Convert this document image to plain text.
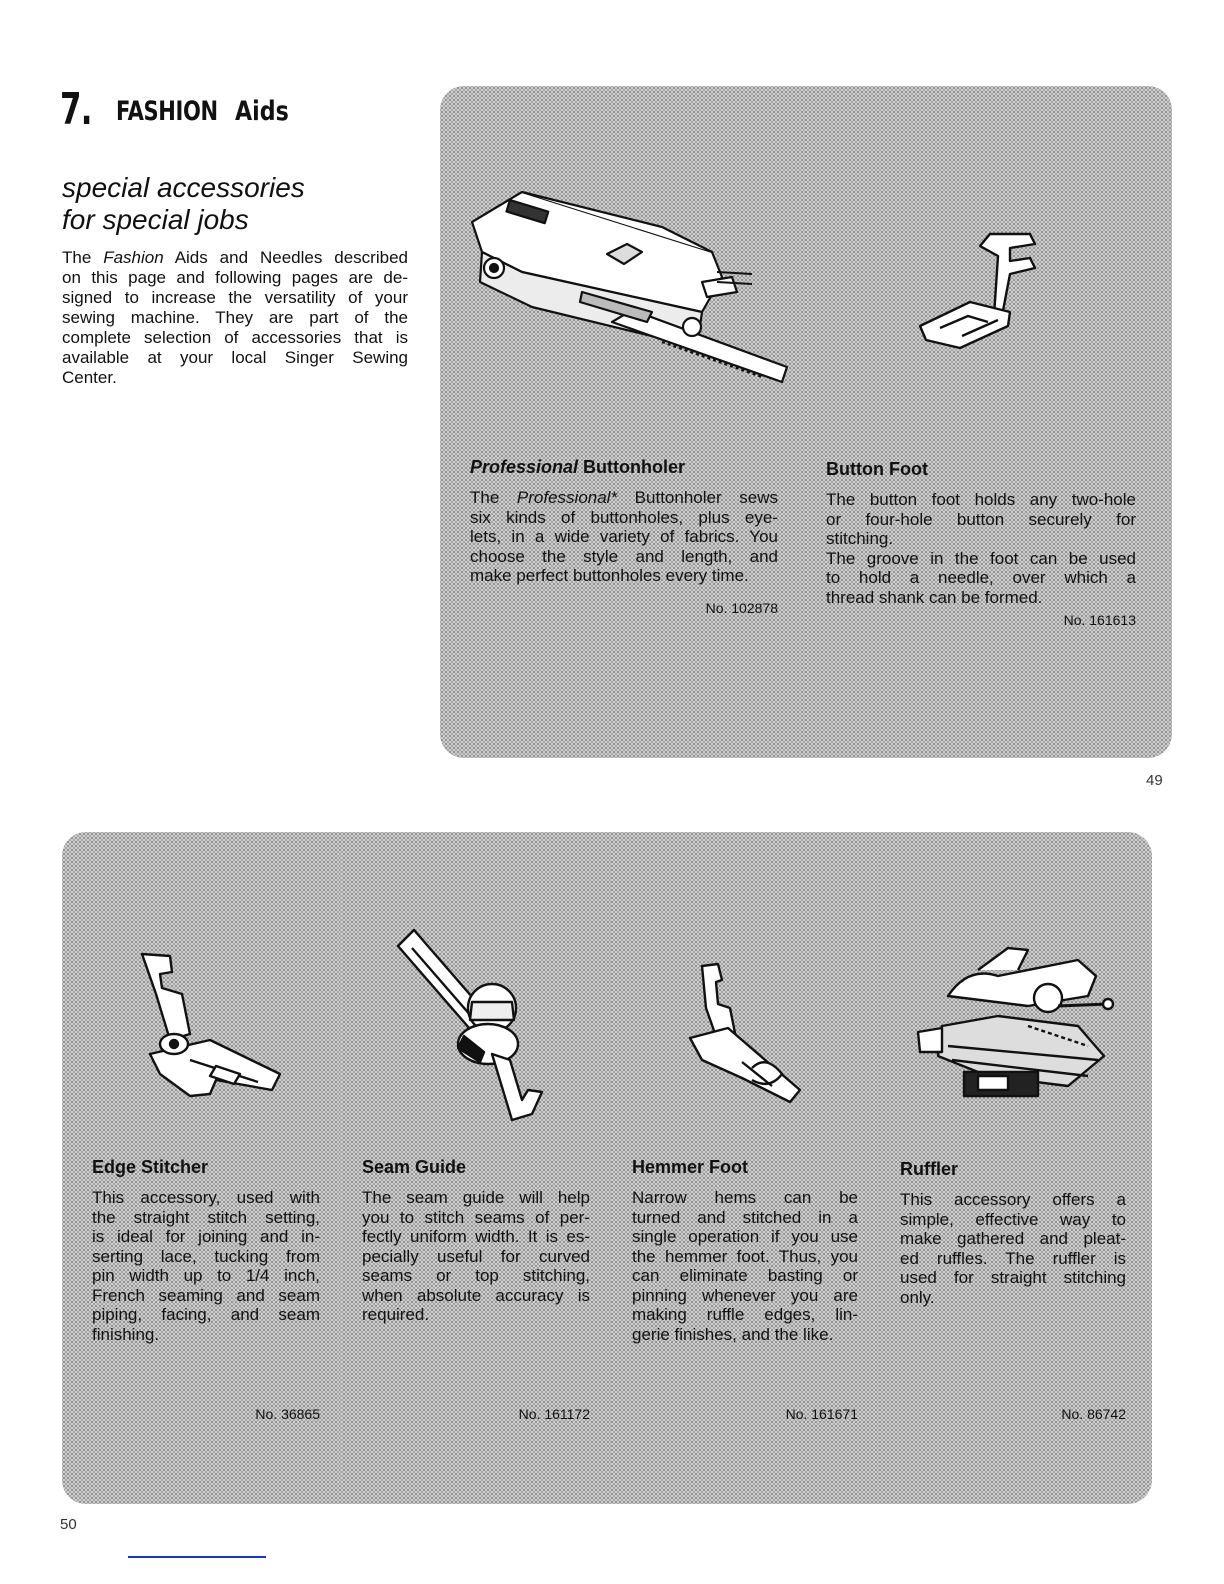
7. FASHION Aids
special accessories
for special jobs

The Fashion Aids and Needles described
on this page and following pages are de-
signed to increase the versatility of your
sewing machine. They are part of the
complete selection of accessories that is
available at your local Singer Sewing
Center.

Professional Buttonholer

The Professional* Buttonholer sews
six kinds of buttonholes, plus eye-
lets, in a wide variety of fabrics. You
choose the style and length, and
make perfect buttonholes every time.

No. 102878
Button Foot

The button foot holds any two-hole
or four-hole button securely for
stitching.
The groove in the foot can be used
to hold a needle, over which a
thread shank can be formed.

No. 161613
49
Edge Stitcher

This accessory, used with
the straight stitch setting,
is ideal for joining and in-
serting lace, tucking from
pin width up to 1/4 inch,
French seaming and seam
piping, facing, and seam
finishing.

No. 36865
Seam Guide

The seam guide will help
you to stitch seams of per-
fectly uniform width. It is es-
pecially useful for curved
seams or top stitching,
when absolute accuracy is
required.

No. 161172
Hemmer Foot

Narrow hems can be
turned and stitched in a
single operation if you use
the hemmer foot. Thus, you
can eliminate basting or
pinning whenever you are
making ruffle edges, lin-
gerie finishes, and the like.

No. 161671
Ruffler

This accessory offers a
simple, effective way to
make gathered and pleat-
ed ruffles. The ruffler is
used for straight stitching
only.

No. 86742
50
